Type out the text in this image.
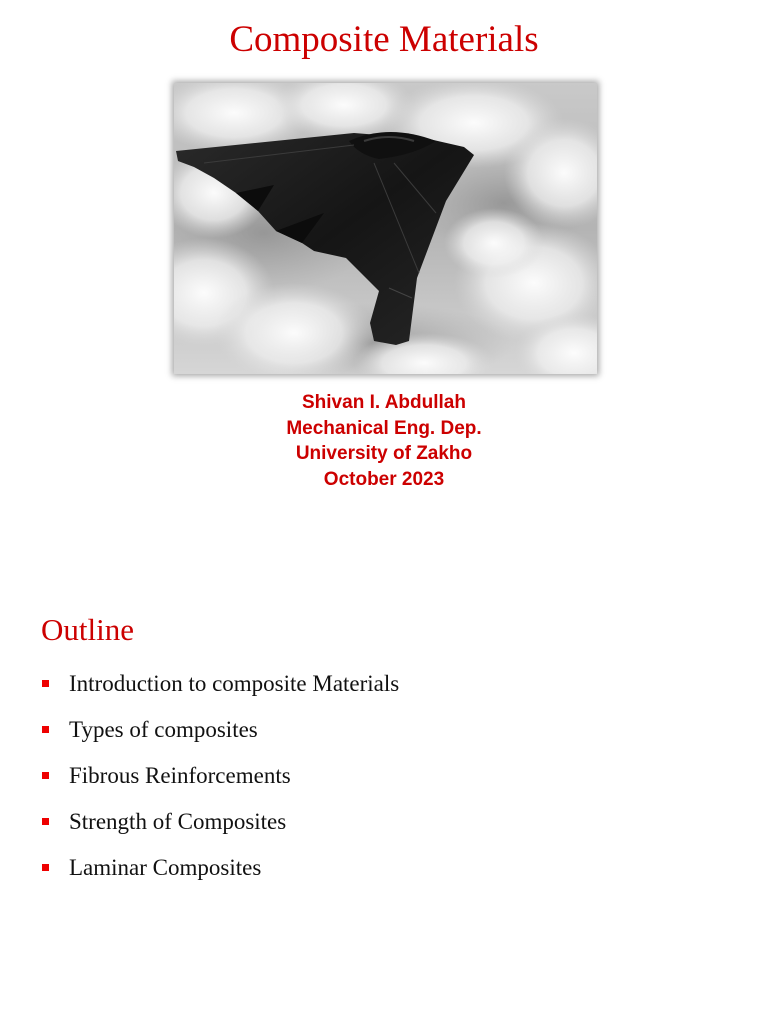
Composite Materials
Shivan I. Abdullah
Mechanical Eng. Dep.
University of Zakho
October 2023
Outline
Introduction to composite Materials
Types of composites
Fibrous Reinforcements
Strength of Composites
Laminar Composites
